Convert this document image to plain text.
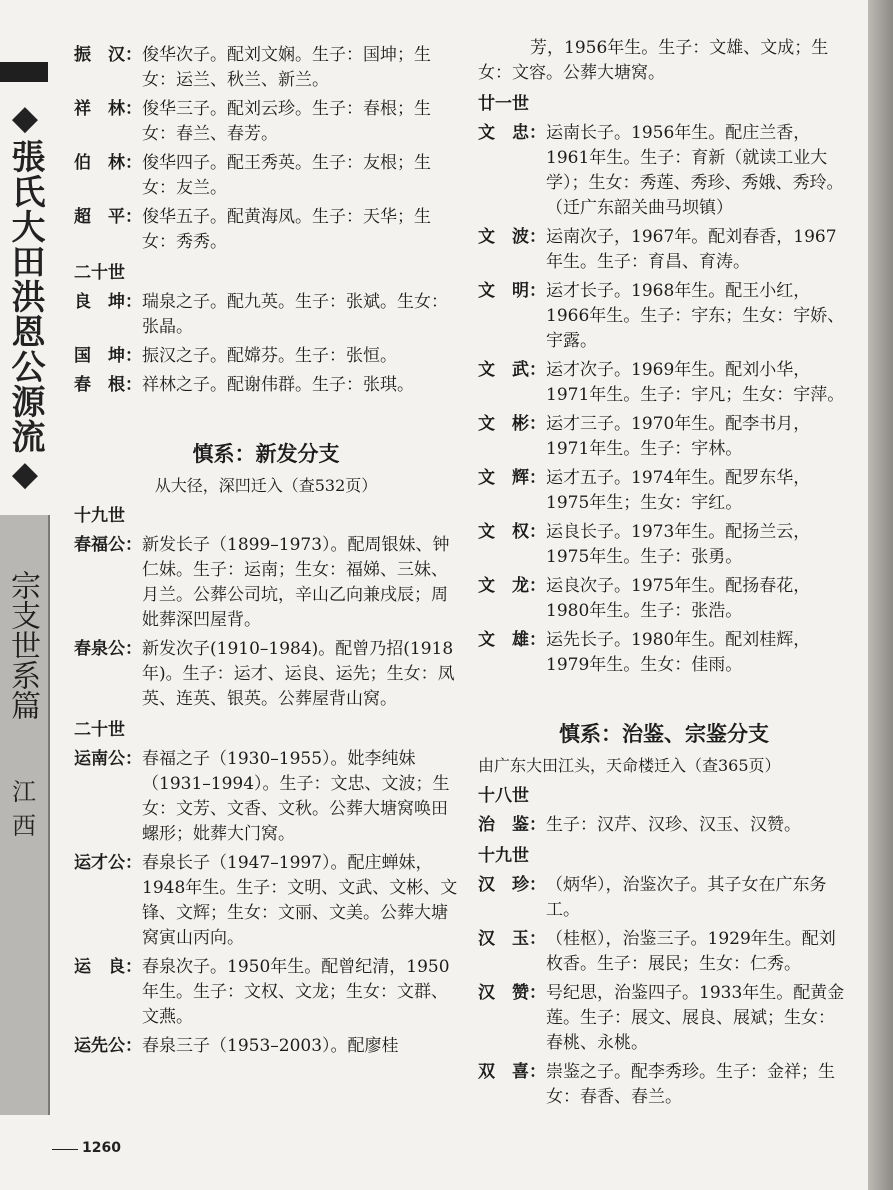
◆張氏大田洪恩公源流◆
宗支世系篇
江西
振　汉： 俊华次子。配刘文娴。生子：国坤；生女：运兰、秋兰、新兰。
祥　林： 俊华三子。配刘云珍。生子：春根；生女：春兰、春芳。
伯　林： 俊华四子。配王秀英。生子：友根；生女：友兰。
超　平： 俊华五子。配黄海凤。生子：天华；生女：秀秀。
二十世
良　坤： 瑞泉之子。配九英。生子：张斌。生女：张晶。
国　坤： 振汉之子。配嫦芬。生子：张恒。
春　根： 祥林之子。配谢伟群。生子：张琪。
慎系：新发分支
从大径，深凹迁入（查532页）
十九世
春福公： 新发长子（1899–1973）。配周银妹、钟仁妹。生子：运南；生女：福娣、三妹、月兰。公葬公司坑，辛山乙向兼戌辰；周妣葬深凹屋背。
春泉公： 新发次子(1910–1984)。配曾乃招(1918年)。生子：运才、运良、运先；生女：凤英、连英、银英。公葬屋背山窝。
二十世
运南公： 春福之子（1930–1955）。妣李纯妹（1931–1994）。生子：文忠、文波；生女：文芳、文香、文秋。公葬大塘窝唤田螺形；妣葬大门窝。
运才公： 春泉长子（1947–1997）。配庄蝉妹，1948年生。生子：文明、文武、文彬、文锋、文辉；生女：文丽、文美。公葬大塘窝寅山丙向。
运　良： 春泉次子。1950年生。配曾纪清，1950年生。生子：文权、文龙；生女：文群、文燕。
运先公： 春泉三子（1953–2003）。配廖桂
芳，1956年生。生子：文雄、文成；生女：文容。公葬大塘窝。
廿一世
文　忠： 运南长子。1956年生。配庄兰香，1961年生。生子：育新（就读工业大学）；生女：秀莲、秀珍、秀娥、秀玲。（迁广东韶关曲马坝镇）
文　波： 运南次子，1967年。配刘春香，1967年生。生子：育昌、育涛。
文　明： 运才长子。1968年生。配王小红，1966年生。生子：宇东；生女：宇娇、宇露。
文　武： 运才次子。1969年生。配刘小华，1971年生。生子：宇凡；生女：宇萍。
文　彬： 运才三子。1970年生。配李书月，1971年生。生子：宇林。
文　辉： 运才五子。1974年生。配罗东华，1975年生；生女：宇红。
文　权： 运良长子。1973年生。配扬兰云，1975年生。生子：张勇。
文　龙： 运良次子。1975年生。配扬春花，1980年生。生子：张浩。
文　雄： 运先长子。1980年生。配刘桂辉，1979年生。生女：佳雨。
慎系：治鉴、宗鉴分支
由广东大田江头，天命楼迁入（查365页）
十八世
治　鉴： 生子：汉芹、汉珍、汉玉、汉赞。
十九世
汉　珍： （炳华），治鉴次子。其子女在广东务工。
汉　玉： （桂枢），治鉴三子。1929年生。配刘枚香。生子：展民；生女：仁秀。
汉　赞： 号纪思，治鉴四子。1933年生。配黄金莲。生子：展文、展良、展斌；生女：春桃、永桃。
双　喜： 崇鉴之子。配李秀珍。生子：金祥；生女：春香、春兰。
1260
